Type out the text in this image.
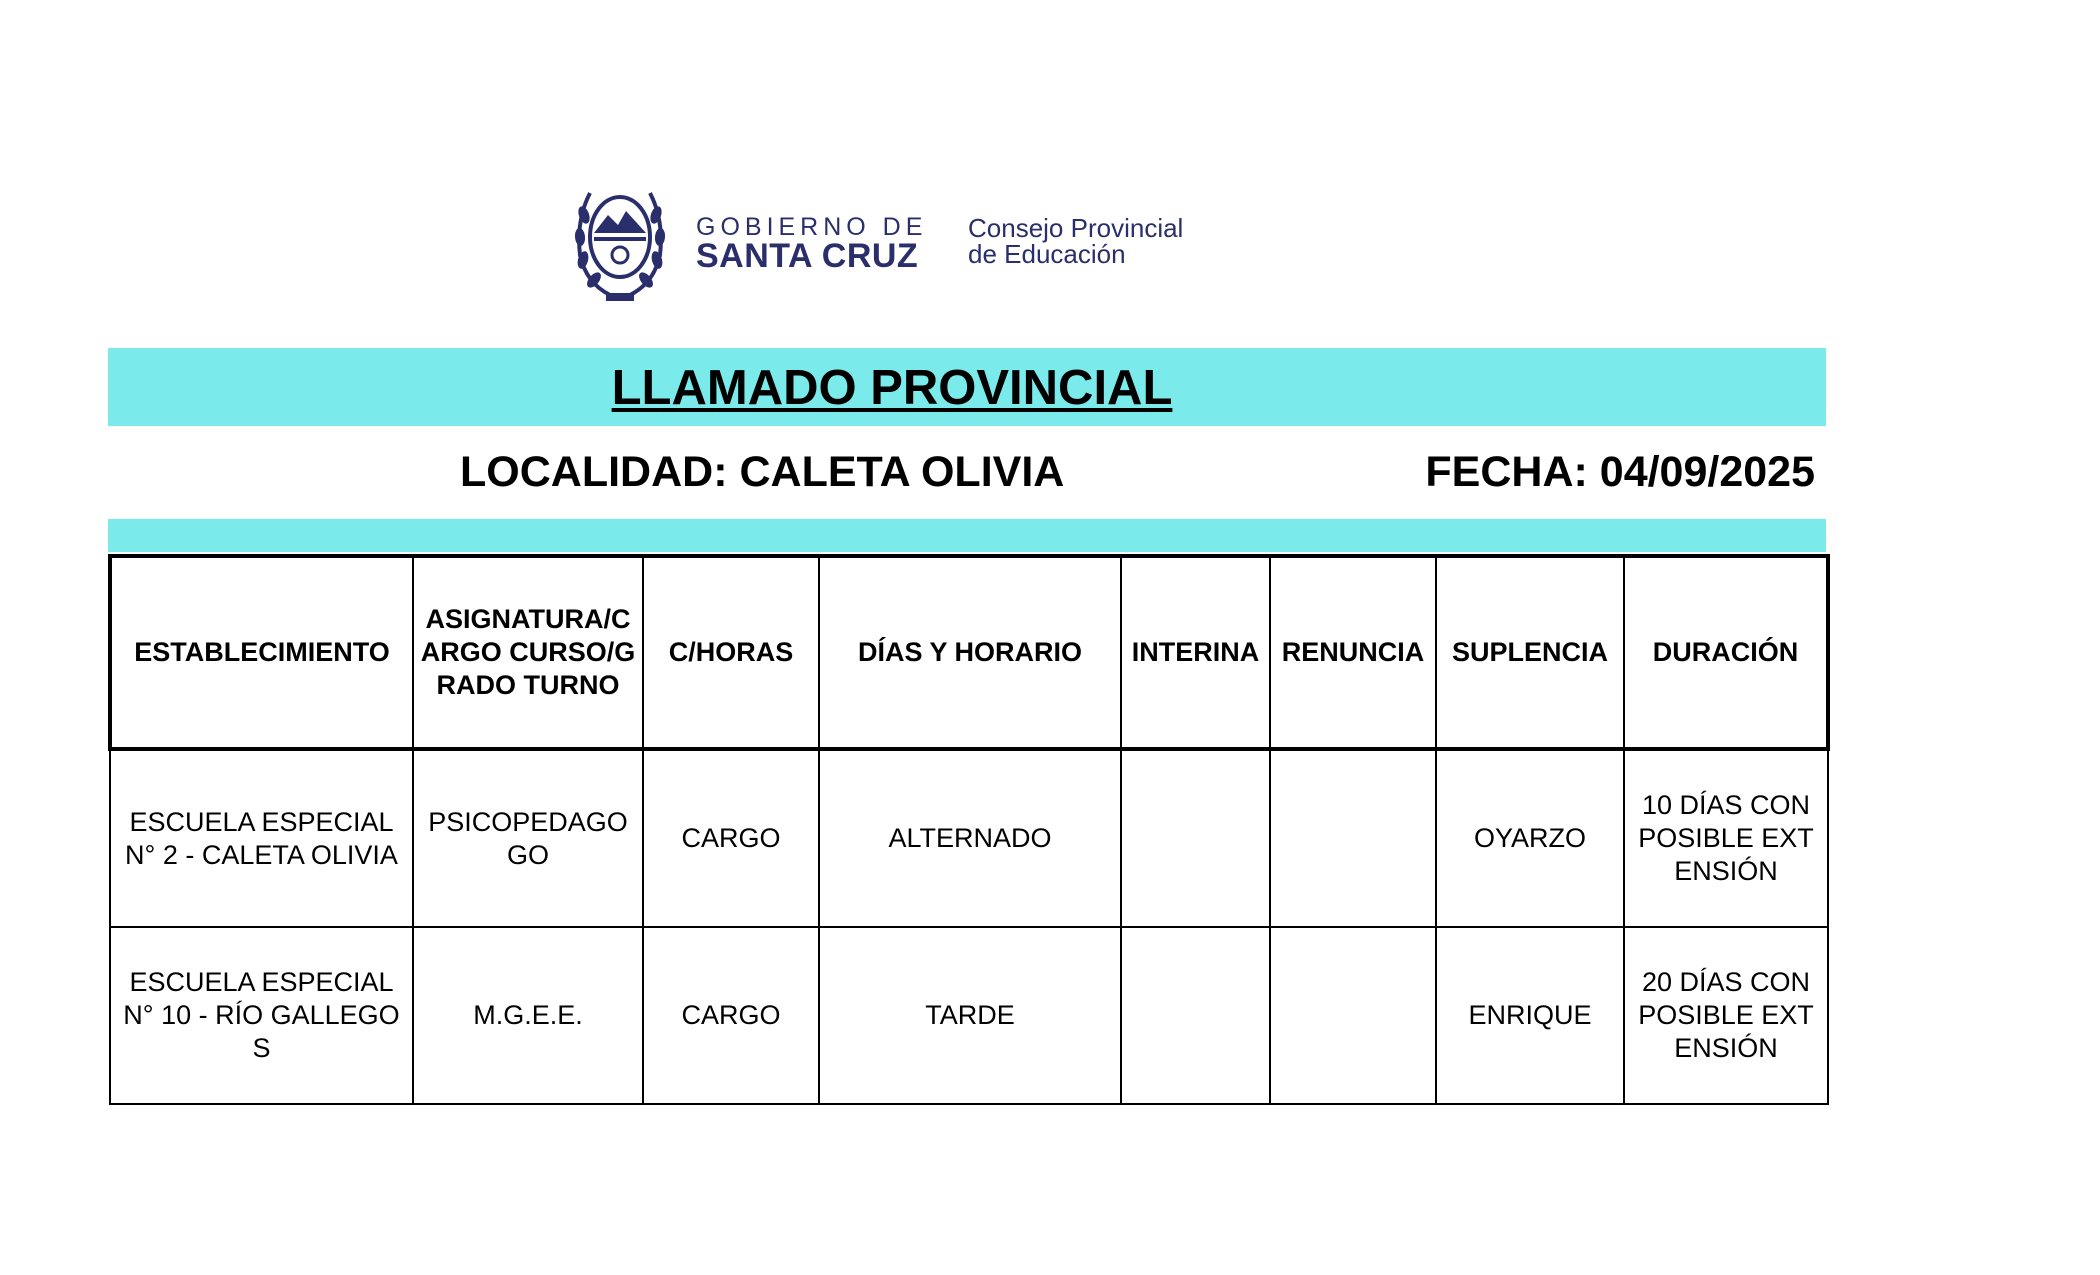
GOBIERNO DE
SANTA CRUZ
Consejo Provincial
de Educación
LLAMADO PROVINCIAL
LOCALIDAD: CALETA OLIVIA	FECHA: 04/09/2025
ESTABLECIMIENTO	ASIGNATURA/CARGO CURSO/GRADO TURNO	C/HORAS	DÍAS Y HORARIO	INTERINA	RENUNCIA	SUPLENCIA	DURACIÓN
ESCUELA ESPECIAL N° 2 - CALETA OLIVIA	PSICOPEDAGOGO	CARGO	ALTERNADO			OYARZO	10 DÍAS CON POSIBLE EXTENSIÓN
ESCUELA ESPECIAL N° 10 - RÍO GALLEGOS	M.G.E.E.	CARGO	TARDE			ENRIQUE	20 DÍAS CON POSIBLE EXTENSIÓN
